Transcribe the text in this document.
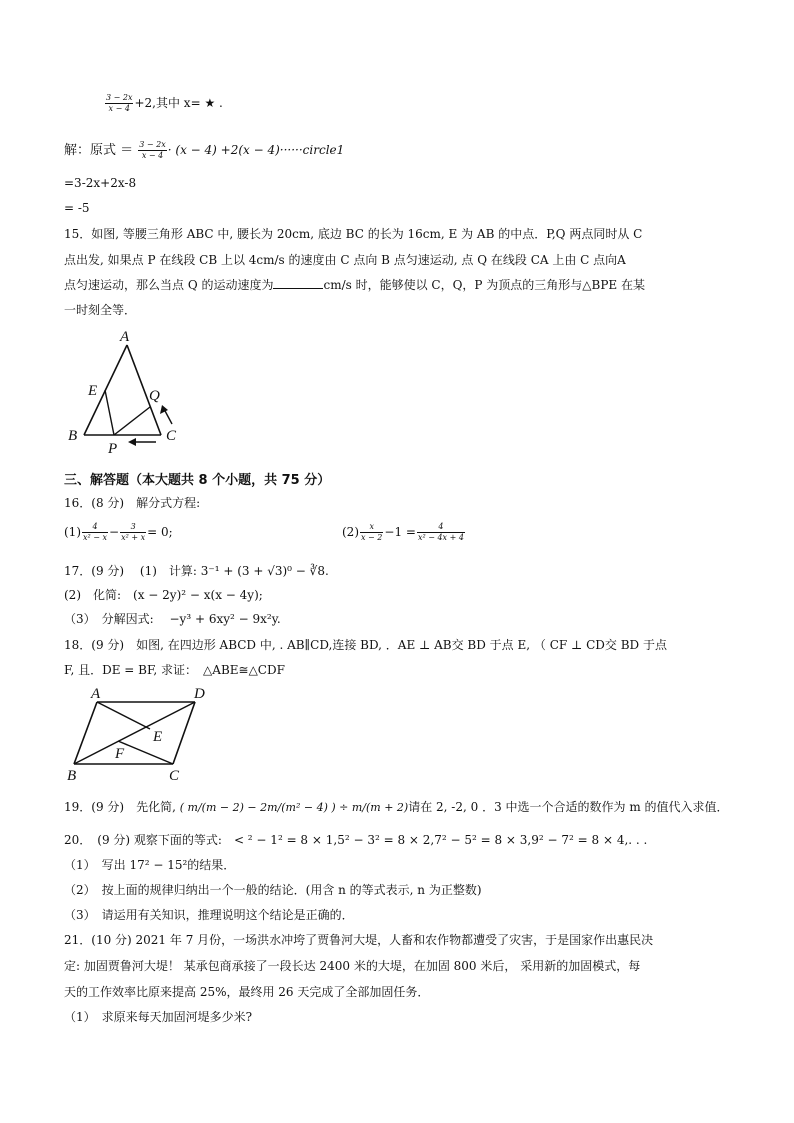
$\frac{3 - 2x}{x - 4} +2$,其中 x= ★ .
解：原式 ＝ $\frac{3 - 2x}{x - 4} \cdot (x - 4) +2(x$ − 4)······circle1
=3-2x+2x-8
= -5
15．如图, 等腰三角形 ABC 中, 腰长为 20cm, 底边 BC 的长为 16cm, E 为 AB 的中点．P,Q 两点同时从 C
点出发, 如果点 P 在线段 CB 上以 4cm/s 的速度由 C 点向 B 点匀速运动, 点 Q 在线段 CA 上由 C 点向A
点匀速运动，那么当点 Q 的运动速度为	cm/s 时，能够使以 C，Q，P 为顶点的三角形与△BPE 在某
一时刻全等．
A
E	Q
B	C
P
三、解答题（本大题共 8 个小题，共 75 分）
16．(8 分)　解分式方程:
$(1) \frac{4}{\text{x² − x}} - \frac{3}{\text{x² + x}} = 0$;	$(2) \frac{x}{x - 2} -1 = \frac{4}{\text{x² − 4x + 4}}$
17．(9 分)　 (1)　计算: 3⁻¹ + (3 + √3)⁰ − ∛8.
(2)　化简:　(x − 2y)² − x(x − 4y);
（3）　分解因式:　 −y³ + 6xy² − 9x²y.
18．(9 分)　如图, 在四边形 ABCD 中, . AB∥CD,连接 BD, ．AE ⊥ AB交 BD 于点 E, （ CF ⊥ CD交 BD 于点
F, 且．DE = BF, 求证：　△ABE≅△CDF
A	D
E
F
B	C
19．(9 分)　先化简, ( m/(m − 2) − 2m/(m² − 4) ) ÷ m/(m + 2)请在 2, -2, 0 ．3 中选一个合适的数作为 m 的值代入求值．
20．　(9 分) 观察下面的等式:　< ² − 1² = 8 × 1,5² − 3² = 8 × 2,7² − 5² = 8 × 3,9² − 7² = 8 × 4,. . .
（1）　写出 17² − 15²的结果．
（2）　按上面的规律归纳出一个一般的结论．(用含 n 的等式表示, n 为正整数)
（3）　请运用有关知识，推理说明这个结论是正确的．
21．(10 分) 2021 年 7 月份，一场洪水冲垮了贾鲁河大堤，人畜和农作物都遭受了灾害，于是国家作出惠民决
定: 加固贾鲁河大堤！ 某承包商承接了一段长达 2400 米的大堤，在加固 800 米后， 采用新的加固模式，每
天的工作效率比原来提高 25%，最终用 26 天完成了全部加固任务．
（1）　求原来每天加固河堤多少米?
